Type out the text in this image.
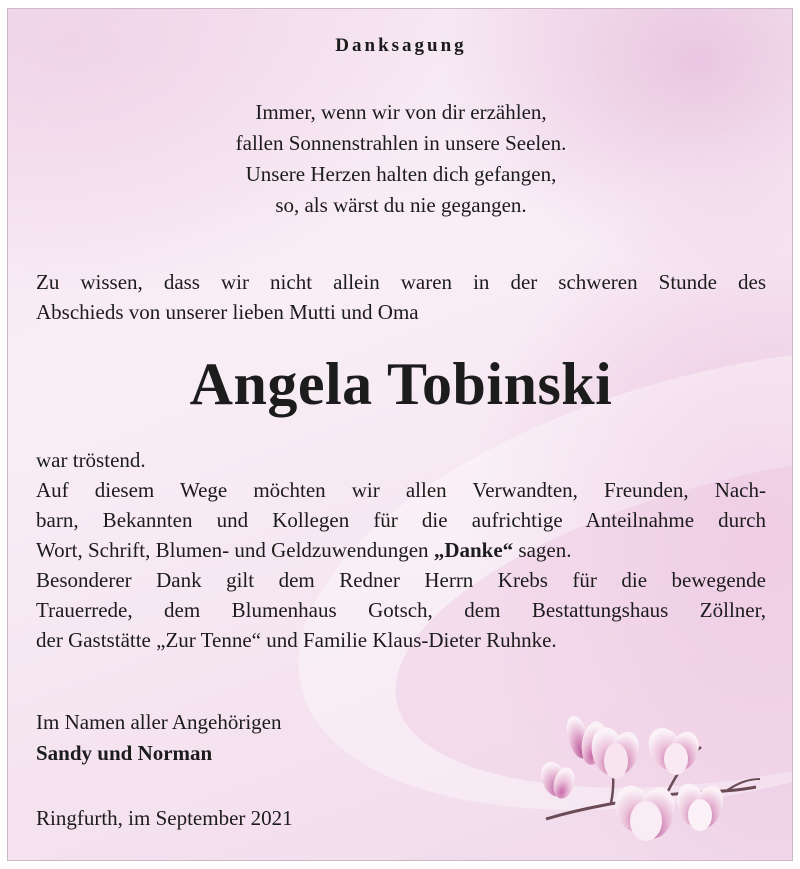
Danksagung
Immer, wenn wir von dir erzählen,
fallen Sonnenstrahlen in unsere Seelen.
Unsere Herzen halten dich gefangen,
so, als wärst du nie gegangen.

Zu wissen, dass wir nicht allein waren in der schweren Stunde des

Abschieds von unserer lieben Mutti und Oma

Angela Tobinski

war tröstend.

Auf diesem Wege möchten wir allen Verwandten, Freunden, Nach-

barn, Bekannten und Kollegen für die aufrichtige Anteilnahme durch

Wort, Schrift, Blumen- und Geldzuwendungen „Danke“ sagen.

Besonderer Dank gilt dem Redner Herrn Krebs für die bewegende

Trauerrede, dem Blumenhaus Gotsch, dem Bestattungshaus Zöllner,

der Gaststätte „Zur Tenne“ und Familie Klaus-Dieter Ruhnke.

Im Namen aller Angehörigen
Sandy und Norman
Ringfurth, im September 2021
